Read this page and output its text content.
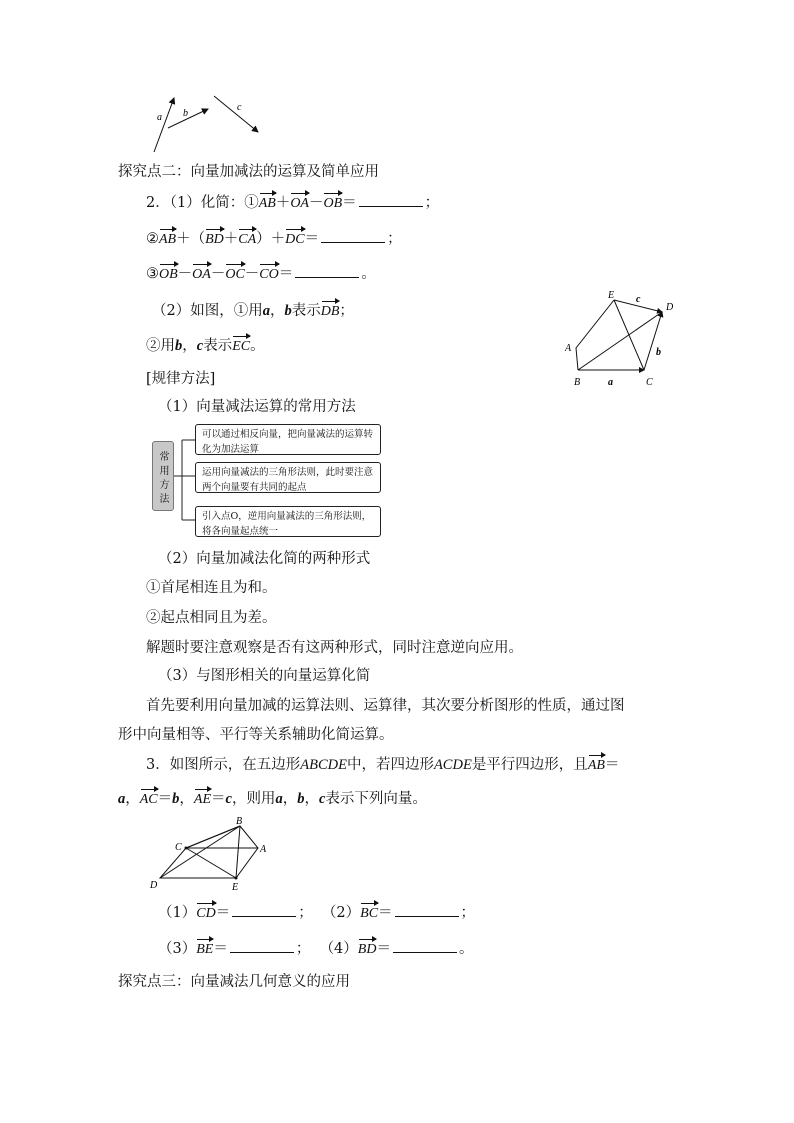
a b
c
探究点二：向量加减法的运算及简单应用
2．（1）化简：①AB＋OA－OB＝	；
②AB＋（BD＋CA）＋DC＝	；
③OB－OA－OC－CO＝	。
（2）如图，①用a，b表示DB；
②用b，c表示EC。
E c
D
A	b
B	a	C
[规律方法]
（1）向量减法运算的常用方法
常用方法
可以通过相反向量，把向量减法的运算转化为加法运算
运用向量减法的三角形法则，此时要注意两个向量要有共同的起点
引入点O，逆用向量减法的三角形法则，将各向量起点统一
（2）向量加减法化简的两种形式
①首尾相连且为和。
②起点相同且为差。
解题时要注意观察是否有这两种形式，同时注意逆向应用。
（3）与图形相关的向量运算化简
首先要利用向量加减的运算法则、运算律，其次要分析图形的性质，通过图
形中向量相等、平行等关系辅助化简运算。
3．如图所示，在五边形ABCDE中，若四边形ACDE是平行四边形，且AB＝
a，AC＝b，AE＝c，则用a，b，c表示下列向量。
B
C	A
D	E
（1）CD＝	； （2）BC＝	；
（3）BE＝	； （4）BD＝	。
探究点三：向量减法几何意义的应用
